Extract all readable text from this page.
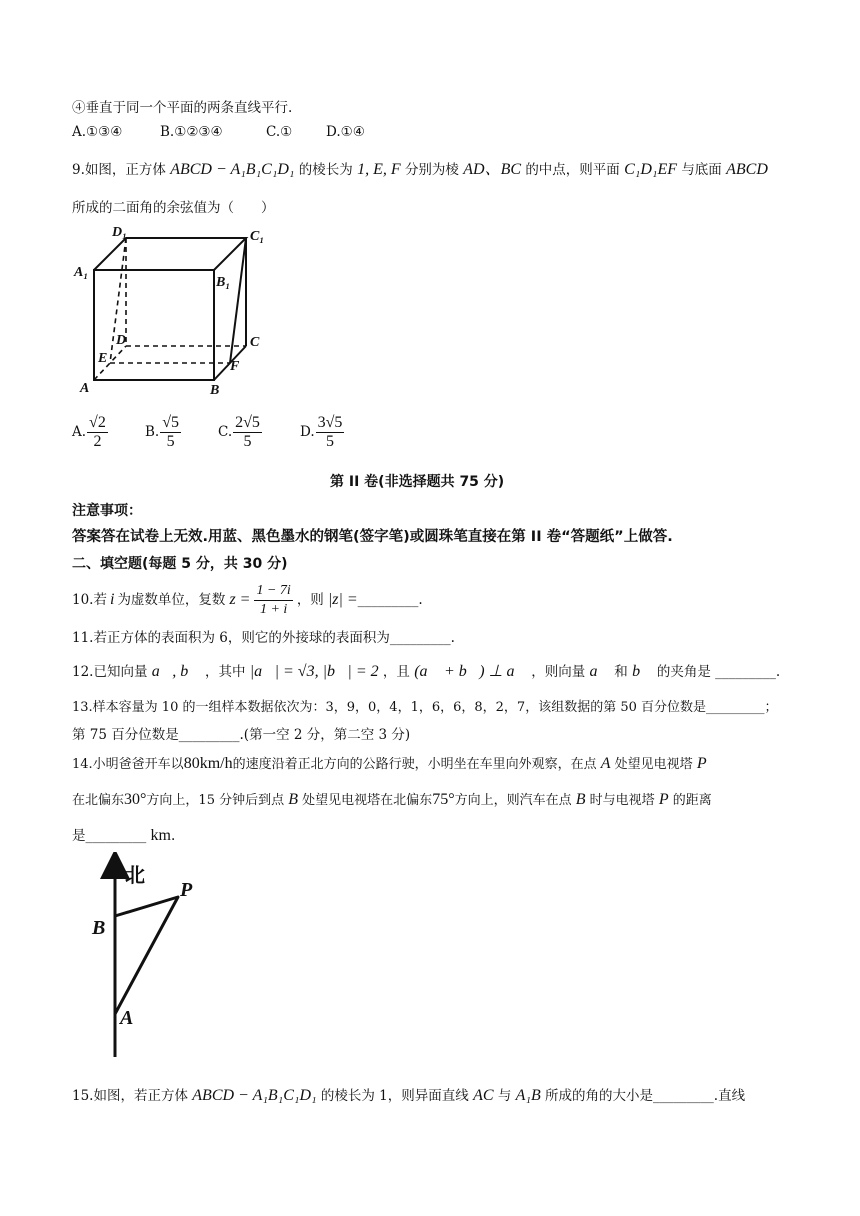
④垂直于同一个平面的两条直线平行.
A.①③④	B.①②③④	C.①	D.①④
9.如图，正方体 ABCD − A₁B₁C₁D₁ 的棱长为 1, E, F 分别为棱 AD、BC 的中点，则平面 C₁D₁EF 与底面 ABCD
所成的二面角的余弦值为（　　）
D₁	C₁
A₁
B₁
D	C
E
F
A	B
A. $\frac{√2}{2}$	B. $\frac{√5}{5}$	C. $\frac{2√5}{5}$	D. $\frac{3√5}{5}$
第 II 卷(非选择题共 75 分)
注意事项：
答案答在试卷上无效.用蓝、黑色墨水的钢笔(签字笔)或圆珠笔直接在第 II 卷“答题纸”上做答.
二、填空题(每题 5 分，共 30 分)
10.若 i 为虚数单位，复数 $z = \frac{1 - 7i}{1 + i}$ ，则 |z| = _________ .
11.若正方体的表面积为 6，则它的外接球的表面积为_________.
12.已知向量 a⃗, b⃗ ，其中 |a⃗| = √3, |b⃗| = 2 ，且 (a⃗ + b⃗) ⊥ a⃗ ，则向量 a⃗ 和 b⃗ 的夹角是 _________.
13.样本容量为 10 的一组样本数据依次为：3，9，0，4，1，6，6，8，2，7，该组数据的第 50 百分位数是_________；
第 75 百分位数是_________.(第一空 2 分，第二空 3 分)
14.小明爸爸开车以80km/h的速度沿着正北方向的公路行驶，小明坐在车里向外观察，在点 A 处望见电视塔 P
在北偏东30°方向上，15 分钟后到点 B 处望见电视塔在北偏东75°方向上，则汽车在点 B 时与电视塔 P 的距离
是_________ km.
北
B
P
A
15.如图，若正方体 ABCD − A₁B₁C₁D₁ 的棱长为 1，则异面直线 AC 与 A₁B 所成的角的大小是_________.直线
